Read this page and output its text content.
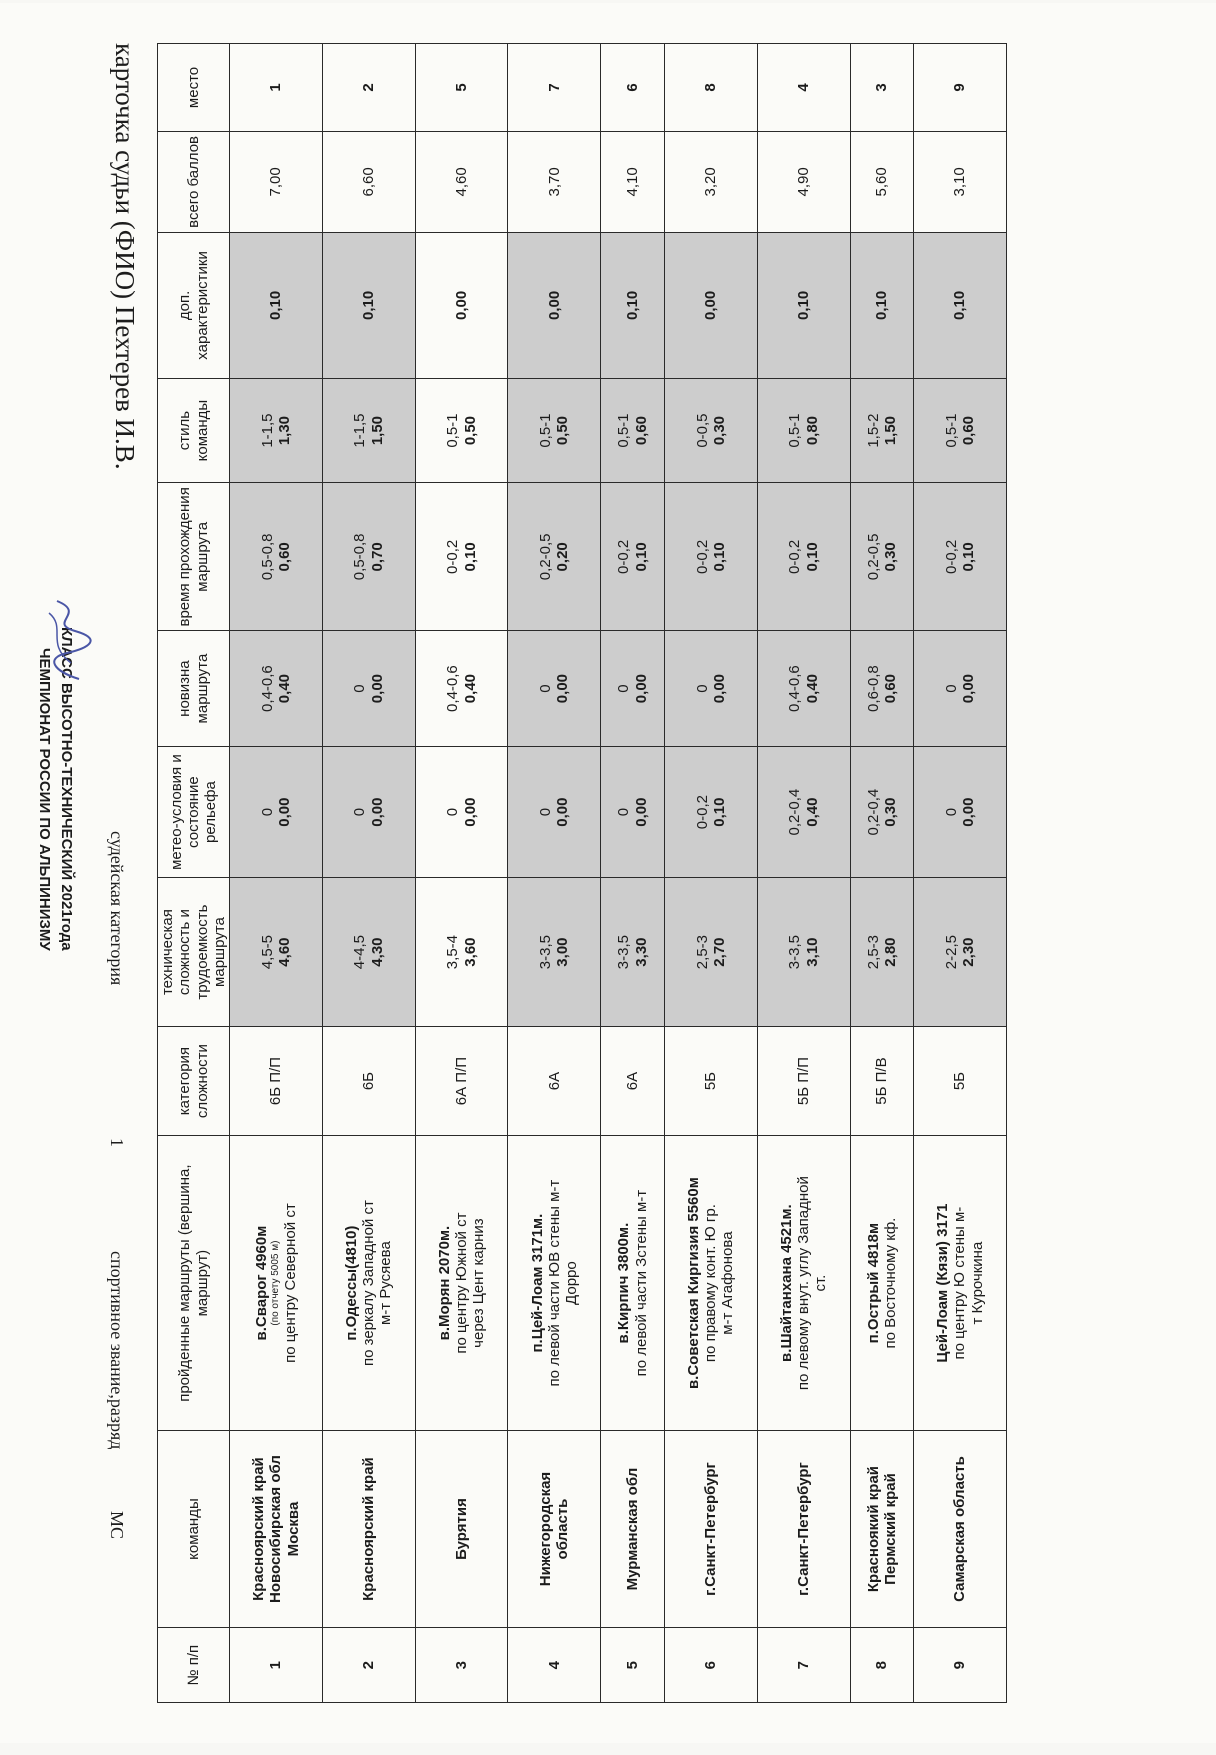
ЧЕМПИОНАТ РОССИИ ПО АЛЬПИНИЗМУ КЛАСС ВЫСОТНО-ТЕХНИЧЕСКИЙ 2021года
карточка судьи (ФИО) Пехтерев И.В.
судейская категория
1
спортивное звание,разряд
МС
№ п/п	команды	пройденные маршруты (вершина, маршрут)	категория сложности	техническая сложность и трудоемкость маршрута	метео-условия и состояние рельефа	новизна маршрута	время прохождения маршрута	стиль команды	доп. характеристики	всего баллов	место
1	Красноярский край Новосибирская обл Москва	в.Сварог 4960м (по отчету 5005 м) по центру Северной ст	6Б П/П	4,5-5 4,60	0 0,00	0,4-0,6 0,40	0,5-0,8 0,60	1-1,5 1,30	0,10	7,00	1
2	Красноярский край	п.Одессы(4810) по зеркалу Западной ст м-т Русяева	6Б	4-4,5 4,30	0 0,00	0 0,00	0,5-0,8 0,70	1-1,5 1,50	0,10	6,60	2
3	Бурятия	в.Морян 2070м. по центру Южной ст через Цент карниз	6А П/П	3,5-4 3,60	0 0,00	0,4-0,6 0,40	0-0,2 0,10	0,5-1 0,50	0,00	4,60	5
4	Нижегородская область	п.Цей-Лоам 3171м. по левой части ЮВ стены м-т Дорро	6А	3-3,5 3,00	0 0,00	0 0,00	0,2-0,5 0,20	0,5-1 0,50	0,00	3,70	7
5	Мурманская обл	в.Кирпич 3800м. по левой части Зстены м-т	6А	3-3,5 3,30	0 0,00	0 0,00	0-0,2 0,10	0,5-1 0,60	0,10	4,10	6
6	г.Санкт-Петербург	в.Советская Киргизия 5560м по правому конт. Ю гр. м-т Агафонова	5Б	2,5-3 2,70	0-0,2 0,10	0 0,00	0-0,2 0,10	0-0,5 0,30	0,00	3,20	8
7	г.Санкт-Петербург	в.Шайтанхана 4521м. по левому внут. углу Западной ст.	5Б П/П	3-3,5 3,10	0,2-0,4 0,40	0,4-0,6 0,40	0-0,2 0,10	0,5-1 0,80	0,10	4,90	4
8	Красноякий край Пермский край	п.Острый 4818м по Восточному кф.	5Б П/В	2,5-3 2,80	0,2-0,4 0,30	0,6-0,8 0,60	0,2-0,5 0,30	1,5-2 1,50	0,10	5,60	3
9	Самарская область	Цей-Лоам (Кязи) 3171 по центру Ю стены м- т Курочкина	5Б	2-2,5 2,30	0 0,00	0 0,00	0-0,2 0,10	0,5-1 0,60	0,10	3,10	9
